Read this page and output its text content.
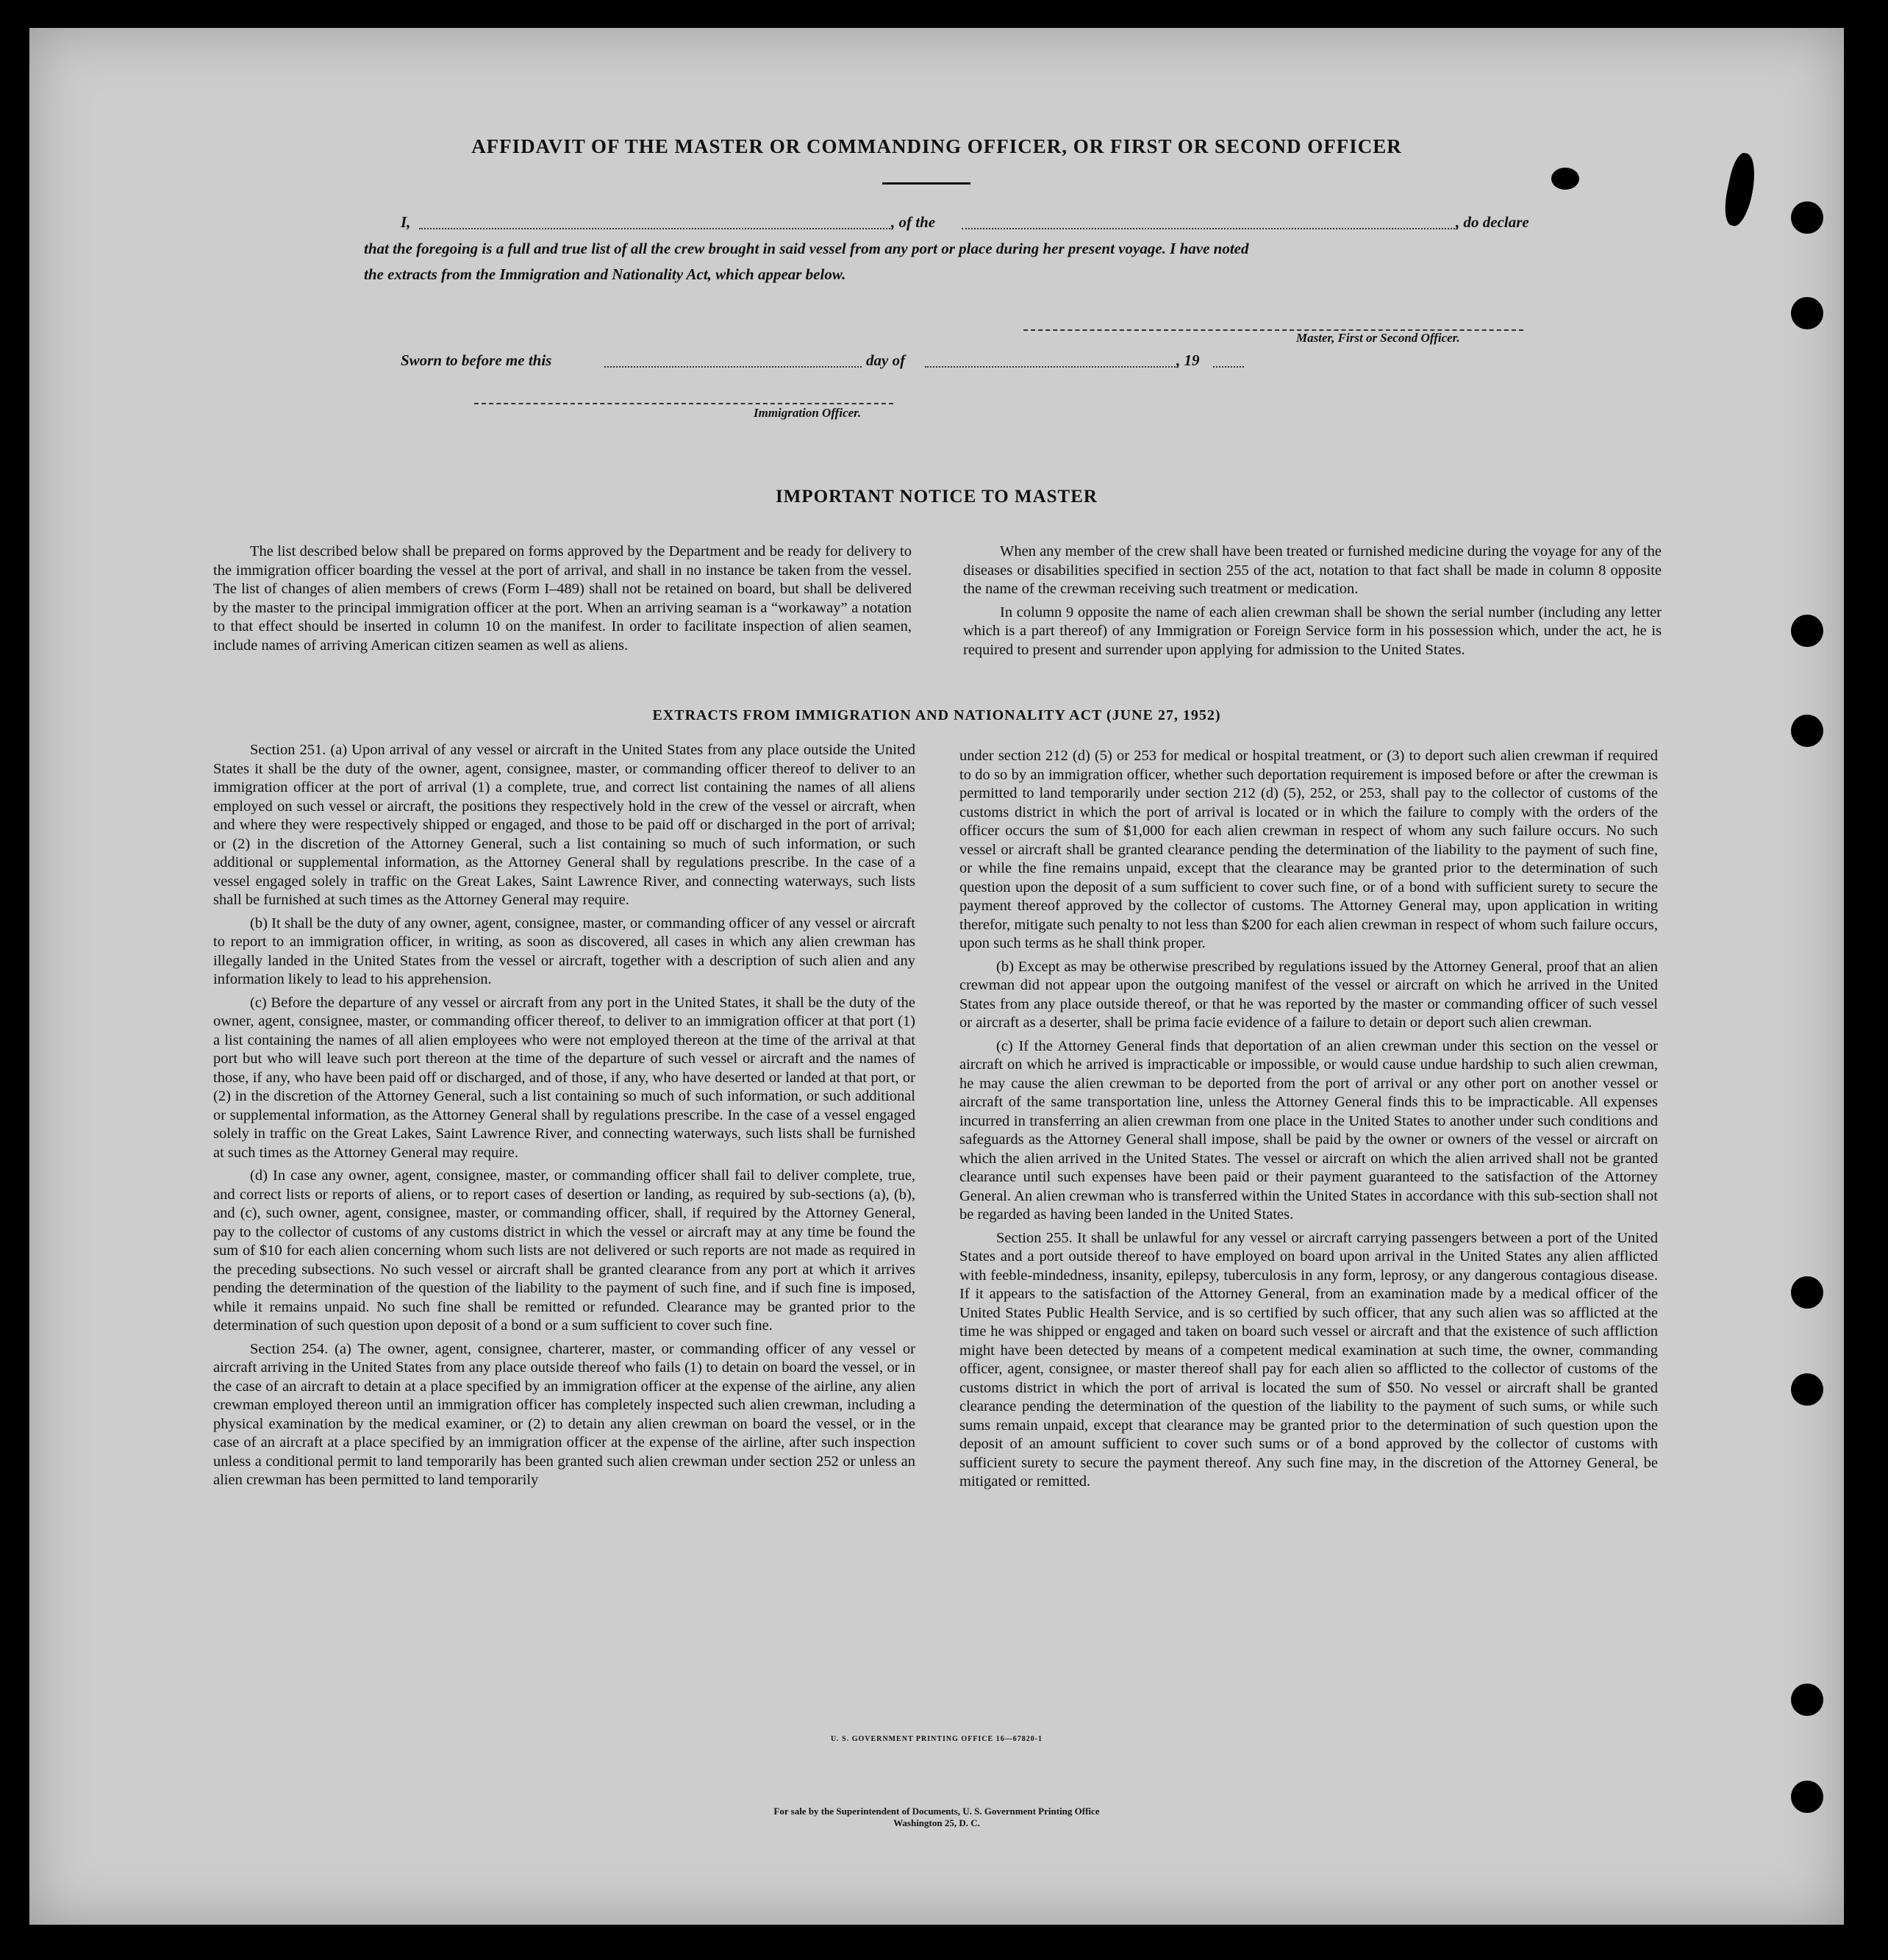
AFFIDAVIT OF THE MASTER OR COMMANDING OFFICER, OR FIRST OR SECOND OFFICER
I,	, of the	, do declare
that the foregoing is a full and true list of all the crew brought in said vessel from any port or place during her present voyage. I have noted
the extracts from the Immigration and Nationality Act, which appear below.
Master, First or Second Officer.
Sworn to before me this	day of	, 19
Immigration Officer.
IMPORTANT NOTICE TO MASTER

The list described below shall be prepared on forms approved by the Department and be ready for delivery to the immigration officer boarding the vessel at the port of arrival, and shall in no instance be taken from the vessel. The list of changes of alien members of crews (Form I–489) shall not be retained on board, but shall be delivered by the master to the principal immigration officer at the port. When an arriving seaman is a “workaway” a notation to that effect should be inserted in column 10 on the manifest. In order to facilitate inspection of alien seamen, include names of arriving American citizen seamen as well as aliens.

When any member of the crew shall have been treated or furnished medicine during the voyage for any of the diseases or disabilities specified in section 255 of the act, notation to that fact shall be made in column 8 opposite the name of the crewman receiving such treatment or medication.

In column 9 opposite the name of each alien crewman shall be shown the serial number (including any letter which is a part thereof) of any Immigration or Foreign Service form in his possession which, under the act, he is required to present and surrender upon applying for admission to the United States.

EXTRACTS FROM IMMIGRATION AND NATIONALITY ACT (JUNE 27, 1952)

Section 251. (a) Upon arrival of any vessel or aircraft in the United States from any place outside the United States it shall be the duty of the owner, agent, consignee, master, or commanding officer thereof to deliver to an immigration officer at the port of arrival (1) a complete, true, and correct list containing the names of all aliens employed on such vessel or aircraft, the positions they respectively hold in the crew of the vessel or aircraft, when and where they were respectively shipped or engaged, and those to be paid off or discharged in the port of arrival; or (2) in the discretion of the Attorney General, such a list containing so much of such information, or such additional or supplemental information, as the Attorney General shall by regulations prescribe. In the case of a vessel engaged solely in traffic on the Great Lakes, Saint Lawrence River, and connecting waterways, such lists shall be furnished at such times as the Attorney General may require.

(b) It shall be the duty of any owner, agent, consignee, master, or commanding officer of any vessel or aircraft to report to an immigration officer, in writing, as soon as discovered, all cases in which any alien crewman has illegally landed in the United States from the vessel or aircraft, together with a description of such alien and any information likely to lead to his apprehension.

(c) Before the departure of any vessel or aircraft from any port in the United States, it shall be the duty of the owner, agent, consignee, master, or commanding officer thereof, to deliver to an immigration officer at that port (1) a list containing the names of all alien employees who were not employed thereon at the time of the arrival at that port but who will leave such port thereon at the time of the departure of such vessel or aircraft and the names of those, if any, who have been paid off or discharged, and of those, if any, who have deserted or landed at that port, or (2) in the discretion of the Attorney General, such a list containing so much of such information, or such additional or supplemental information, as the Attorney General shall by regulations prescribe. In the case of a vessel engaged solely in traffic on the Great Lakes, Saint Lawrence River, and connecting waterways, such lists shall be furnished at such times as the Attorney General may require.

(d) In case any owner, agent, consignee, master, or commanding officer shall fail to deliver complete, true, and correct lists or reports of aliens, or to report cases of desertion or landing, as required by sub-sections (a), (b), and (c), such owner, agent, consignee, master, or commanding officer, shall, if required by the Attorney General, pay to the collector of customs of any customs district in which the vessel or aircraft may at any time be found the sum of $10 for each alien concerning whom such lists are not delivered or such reports are not made as required in the preceding subsections. No such vessel or aircraft shall be granted clearance from any port at which it arrives pending the determination of the question of the liability to the payment of such fine, and if such fine is imposed, while it remains unpaid. No such fine shall be remitted or refunded. Clearance may be granted prior to the determination of such question upon deposit of a bond or a sum sufficient to cover such fine.

Section 254. (a) The owner, agent, consignee, charterer, master, or commanding officer of any vessel or aircraft arriving in the United States from any place outside thereof who fails (1) to detain on board the vessel, or in the case of an aircraft to detain at a place specified by an immigration officer at the expense of the airline, any alien crewman employed thereon until an immigration officer has completely inspected such alien crewman, including a physical examination by the medical examiner, or (2) to detain any alien crewman on board the vessel, or in the case of an aircraft at a place specified by an immigration officer at the expense of the airline, after such inspection unless a conditional permit to land temporarily has been granted such alien crewman under section 252 or unless an alien crewman has been permitted to land temporarily

under section 212 (d) (5) or 253 for medical or hospital treatment, or (3) to deport such alien crewman if required to do so by an immigration officer, whether such deportation requirement is imposed before or after the crewman is permitted to land temporarily under section 212 (d) (5), 252, or 253, shall pay to the collector of customs of the customs district in which the port of arrival is located or in which the failure to comply with the orders of the officer occurs the sum of $1,000 for each alien crewman in respect of whom any such failure occurs. No such vessel or aircraft shall be granted clearance pending the determination of the liability to the payment of such fine, or while the fine remains unpaid, except that the clearance may be granted prior to the determination of such question upon the deposit of a sum sufficient to cover such fine, or of a bond with sufficient surety to secure the payment thereof approved by the collector of customs. The Attorney General may, upon application in writing therefor, mitigate such penalty to not less than $200 for each alien crewman in respect of whom such failure occurs, upon such terms as he shall think proper.

(b) Except as may be otherwise prescribed by regulations issued by the Attorney General, proof that an alien crewman did not appear upon the outgoing manifest of the vessel or aircraft on which he arrived in the United States from any place outside thereof, or that he was reported by the master or commanding officer of such vessel or aircraft as a deserter, shall be prima facie evidence of a failure to detain or deport such alien crewman.

(c) If the Attorney General finds that deportation of an alien crewman under this section on the vessel or aircraft on which he arrived is impracticable or impossible, or would cause undue hardship to such alien crewman, he may cause the alien crewman to be deported from the port of arrival or any other port on another vessel or aircraft of the same transportation line, unless the Attorney General finds this to be impracticable. All expenses incurred in transferring an alien crewman from one place in the United States to another under such conditions and safeguards as the Attorney General shall impose, shall be paid by the owner or owners of the vessel or aircraft on which the alien arrived in the United States. The vessel or aircraft on which the alien arrived shall not be granted clearance until such expenses have been paid or their payment guaranteed to the satisfaction of the Attorney General. An alien crewman who is transferred within the United States in accordance with this sub-section shall not be regarded as having been landed in the United States.

Section 255. It shall be unlawful for any vessel or aircraft carrying passengers between a port of the United States and a port outside thereof to have employed on board upon arrival in the United States any alien afflicted with feeble-mindedness, insanity, epilepsy, tuberculosis in any form, leprosy, or any dangerous contagious disease. If it appears to the satisfaction of the Attorney General, from an examination made by a medical officer of the United States Public Health Service, and is so certified by such officer, that any such alien was so afflicted at the time he was shipped or engaged and taken on board such vessel or aircraft and that the existence of such affliction might have been detected by means of a competent medical examination at such time, the owner, commanding officer, agent, consignee, or master thereof shall pay for each alien so afflicted to the collector of customs of the customs district in which the port of arrival is located the sum of $50. No vessel or aircraft shall be granted clearance pending the determination of the question of the liability to the payment of such sums, or while such sums remain unpaid, except that clearance may be granted prior to the determination of such question upon the deposit of an amount sufficient to cover such sums or of a bond approved by the collector of customs with sufficient surety to secure the payment thereof. Any such fine may, in the discretion of the Attorney General, be mitigated or remitted.

U. S. GOVERNMENT PRINTING OFFICE 16—67820-1
For sale by the Superintendent of Documents, U. S. Government Printing Office
Washington 25, D. C.
